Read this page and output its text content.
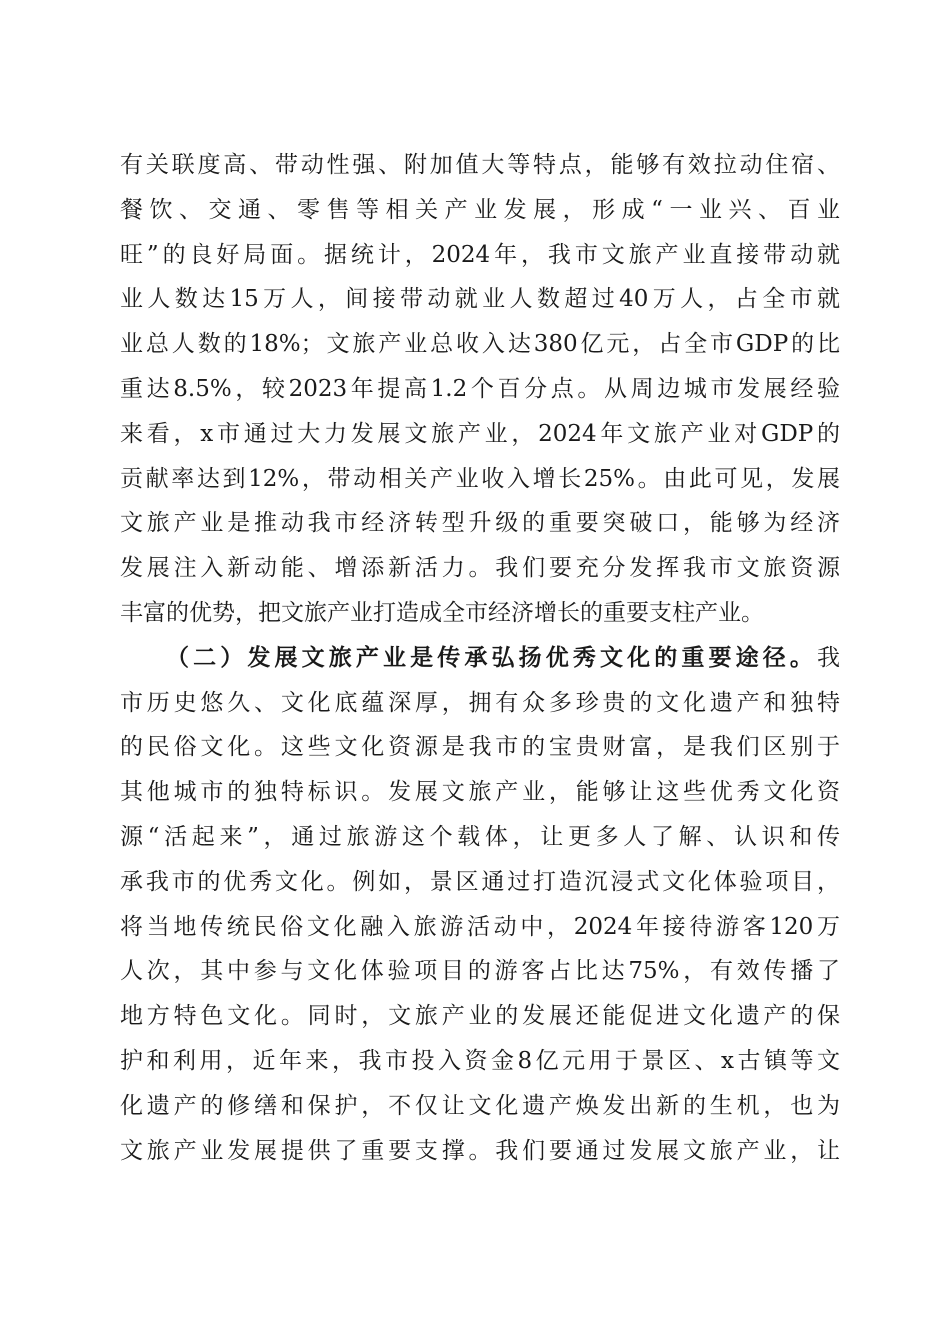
有关联度高、带动性强、附加值大等特点，能够有效拉动住宿、
餐饮、交通、零售等相关产业发展，形成“一业兴、百业
旺”的良好局面。据统计，2024年，我市文旅产业直接带动就
业人数达15万人，间接带动就业人数超过40万人，占全市就
业总人数的18%；文旅产业总收入达380亿元，占全市GDP的比
重达8.5%，较2023年提高1.2个百分点。从周边城市发展经验
来看，x市通过大力发展文旅产业，2024年文旅产业对GDP的
贡献率达到12%，带动相关产业收入增长25%。由此可见，发展
文旅产业是推动我市经济转型升级的重要突破口，能够为经济
发展注入新动能、增添新活力。我们要充分发挥我市文旅资源
丰富的优势，把文旅产业打造成全市经济增长的重要支柱产业。
（二）发展文旅产业是传承弘扬优秀文化的重要途径。我
市历史悠久、文化底蕴深厚，拥有众多珍贵的文化遗产和独特
的民俗文化。这些文化资源是我市的宝贵财富，是我们区别于
其他城市的独特标识。发展文旅产业，能够让这些优秀文化资
源“活起来”，通过旅游这个载体，让更多人了解、认识和传
承我市的优秀文化。例如，景区通过打造沉浸式文化体验项目，
将当地传统民俗文化融入旅游活动中，2024年接待游客120万
人次，其中参与文化体验项目的游客占比达75%，有效传播了
地方特色文化。同时，文旅产业的发展还能促进文化遗产的保
护和利用，近年来，我市投入资金8亿元用于景区、x古镇等文
化遗产的修缮和保护，不仅让文化遗产焕发出新的生机，也为
文旅产业发展提供了重要支撑。我们要通过发展文旅产业，让
